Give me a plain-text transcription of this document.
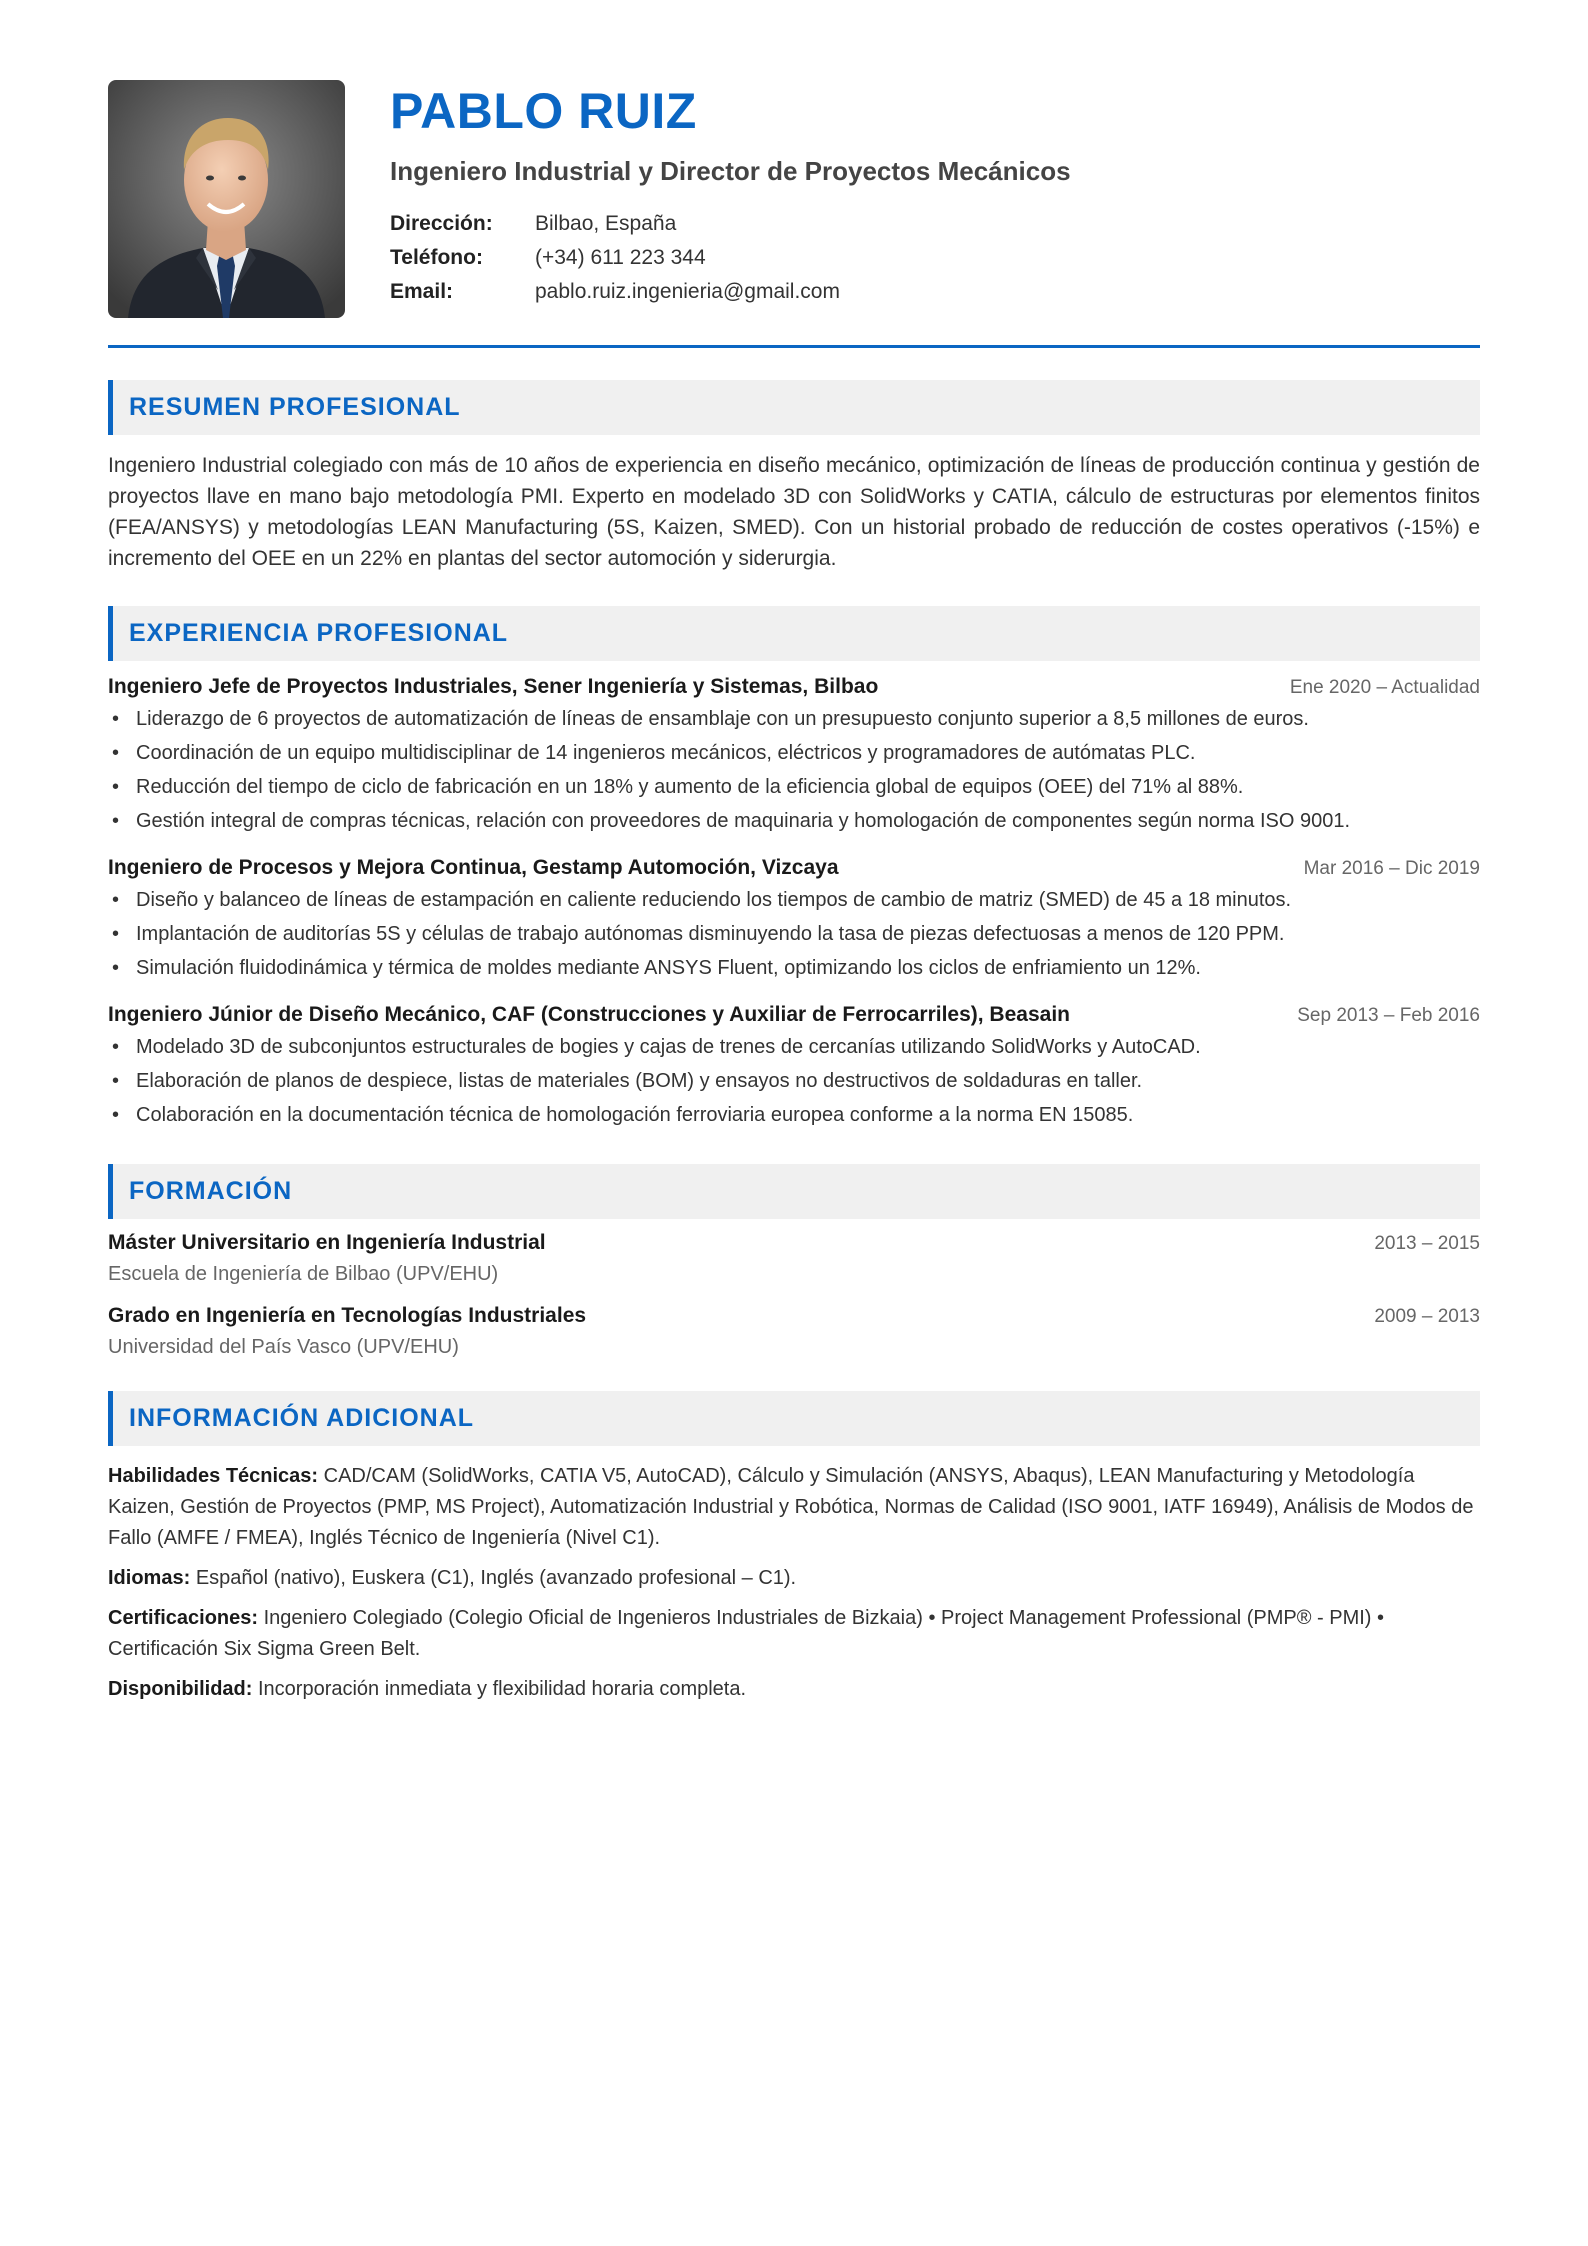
PABLO RUIZ
Ingeniero Industrial y Director de Proyectos Mecánicos
Dirección:	Bilbao, España
Teléfono:	(+34) 611 223 344
Email:	pablo.ruiz.ingenieria@gmail.com
RESUMEN PROFESIONAL

Ingeniero Industrial colegiado con más de 10 años de experiencia en diseño mecánico, optimización de líneas de producción continua y gestión de proyectos llave en mano bajo metodología PMI. Experto en modelado 3D con SolidWorks y CATIA, cálculo de estructuras por elementos finitos (FEA/ANSYS) y metodologías LEAN Manufacturing (5S, Kaizen, SMED). Con un historial probado de reducción de costes operativos (-15%) e incremento del OEE en un 22% en plantas del sector automoción y siderurgia.

EXPERIENCIA PROFESIONAL
Ingeniero Jefe de Proyectos Industriales, Sener Ingeniería y Sistemas, Bilbao	Ene 2020 – Actualidad
• Liderazgo de 6 proyectos de automatización de líneas de ensamblaje con un presupuesto conjunto superior a 8,5 millones de euros.
• Coordinación de un equipo multidisciplinar de 14 ingenieros mecánicos, eléctricos y programadores de autómatas PLC.
• Reducción del tiempo de ciclo de fabricación en un 18% y aumento de la eficiencia global de equipos (OEE) del 71% al 88%.
• Gestión integral de compras técnicas, relación con proveedores de maquinaria y homologación de componentes según norma ISO 9001.
Ingeniero de Procesos y Mejora Continua, Gestamp Automoción, Vizcaya	Mar 2016 – Dic 2019
• Diseño y balanceo de líneas de estampación en caliente reduciendo los tiempos de cambio de matriz (SMED) de 45 a 18 minutos.
• Implantación de auditorías 5S y células de trabajo autónomas disminuyendo la tasa de piezas defectuosas a menos de 120 PPM.
• Simulación fluidodinámica y térmica de moldes mediante ANSYS Fluent, optimizando los ciclos de enfriamiento un 12%.
Ingeniero Júnior de Diseño Mecánico, CAF (Construcciones y Auxiliar de Ferrocarriles), Beasain	Sep 2013 – Feb 2016
• Modelado 3D de subconjuntos estructurales de bogies y cajas de trenes de cercanías utilizando SolidWorks y AutoCAD.
• Elaboración de planos de despiece, listas de materiales (BOM) y ensayos no destructivos de soldaduras en taller.
• Colaboración en la documentación técnica de homologación ferroviaria europea conforme a la norma EN 15085.
FORMACIÓN
Máster Universitario en Ingeniería Industrial	2013 – 2015
Escuela de Ingeniería de Bilbao (UPV/EHU)
Grado en Ingeniería en Tecnologías Industriales	2009 – 2013
Universidad del País Vasco (UPV/EHU)
INFORMACIÓN ADICIONAL

Habilidades Técnicas: CAD/CAM (SolidWorks, CATIA V5, AutoCAD), Cálculo y Simulación (ANSYS, Abaqus), LEAN Manufacturing y Metodología Kaizen, Gestión de Proyectos (PMP, MS Project), Automatización Industrial y Robótica, Normas de Calidad (ISO 9001, IATF 16949), Análisis de Modos de Fallo (AMFE / FMEA), Inglés Técnico de Ingeniería (Nivel C1).

Idiomas: Español (nativo), Euskera (C1), Inglés (avanzado profesional – C1).

Certificaciones: Ingeniero Colegiado (Colegio Oficial de Ingenieros Industriales de Bizkaia) • Project Management Professional (PMP® - PMI) • Certificación Six Sigma Green Belt.

Disponibilidad: Incorporación inmediata y flexibilidad horaria completa.
